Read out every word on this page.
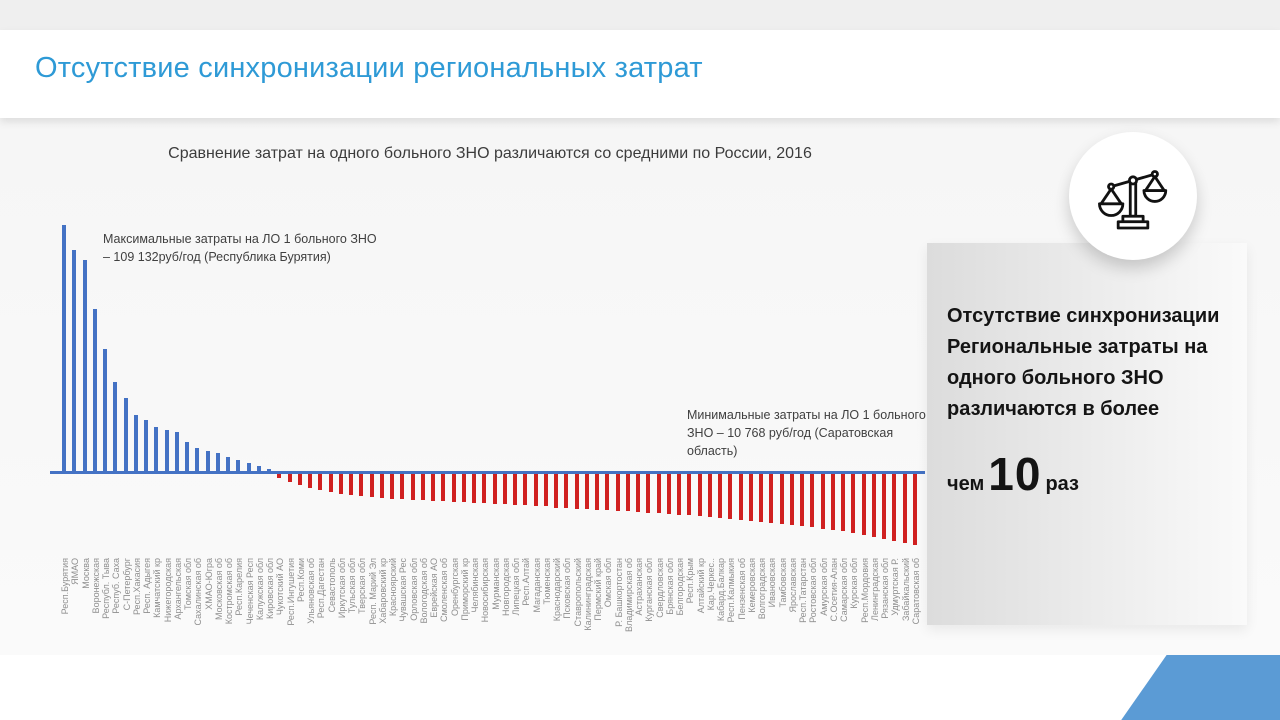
Отсутствие синхронизации региональных затрат
Сравнение затрат на одного больного ЗНО различаются со средними по России, 2016
Респ.Бурятия ЯМАО Москва Воронежская Республ. Тыва Респуб. Саха С-Петербург Респ.Хакасия Респ. Адыгея Камчатский кр Нижегородская Архангельская Томская обл Сахалинская об ХМАО-Югра Московская об Костромская об Респ.Карелия Чеченская Респ Калужская обл Кировская обл Чукотский АО Респ.Ингушетия Респ.Коми Ульяновская об Респ.Дагестан Севастополь Иркутская обл Тульская обл Тверская обл Респ. Марий Эл Хабаровский кр Красноярский Чувашская Рес Орловская обл Вологодская об Еврейская АО Смоленская об Оренбургская Приморский кр Челябинская Новосибирская Мурманская Новгородская Липецкая обл Респ.Алтай Магаданская Тюменская Краснодарский Псковская обл Ставропольский Калининградская Пермский край Омская обл Р. Башкортостан Владимирская об Астраханская Курганская обл Свердловская Брянская обл Белгородская Респ.Крым Алтайский кр Кар.Черкес.. Кабард.Балкар Респ.Калмыкия Пензенская об Кемеровская Волгоградская Ивановская Тамбовская Ярославская Респ.Татарстан Ростовская обл Амурская обл С.Осетия-Алан Самарская обл Курская обл Респ.Мордовия Ленинградская Рязанская обл Удмуртская Р. Забайкальский Саратовская об
Максимальные затраты на ЛО 1 больного ЗНО – 109 132руб/год (Республика Бурятия)
Минимальные затраты на ЛО 1 больного ЗНО – 10 768 руб/год (Саратовская область)
Отсутствие синхронизации Региональные затраты на одного больного ЗНО различаются в более
чем10 раз
